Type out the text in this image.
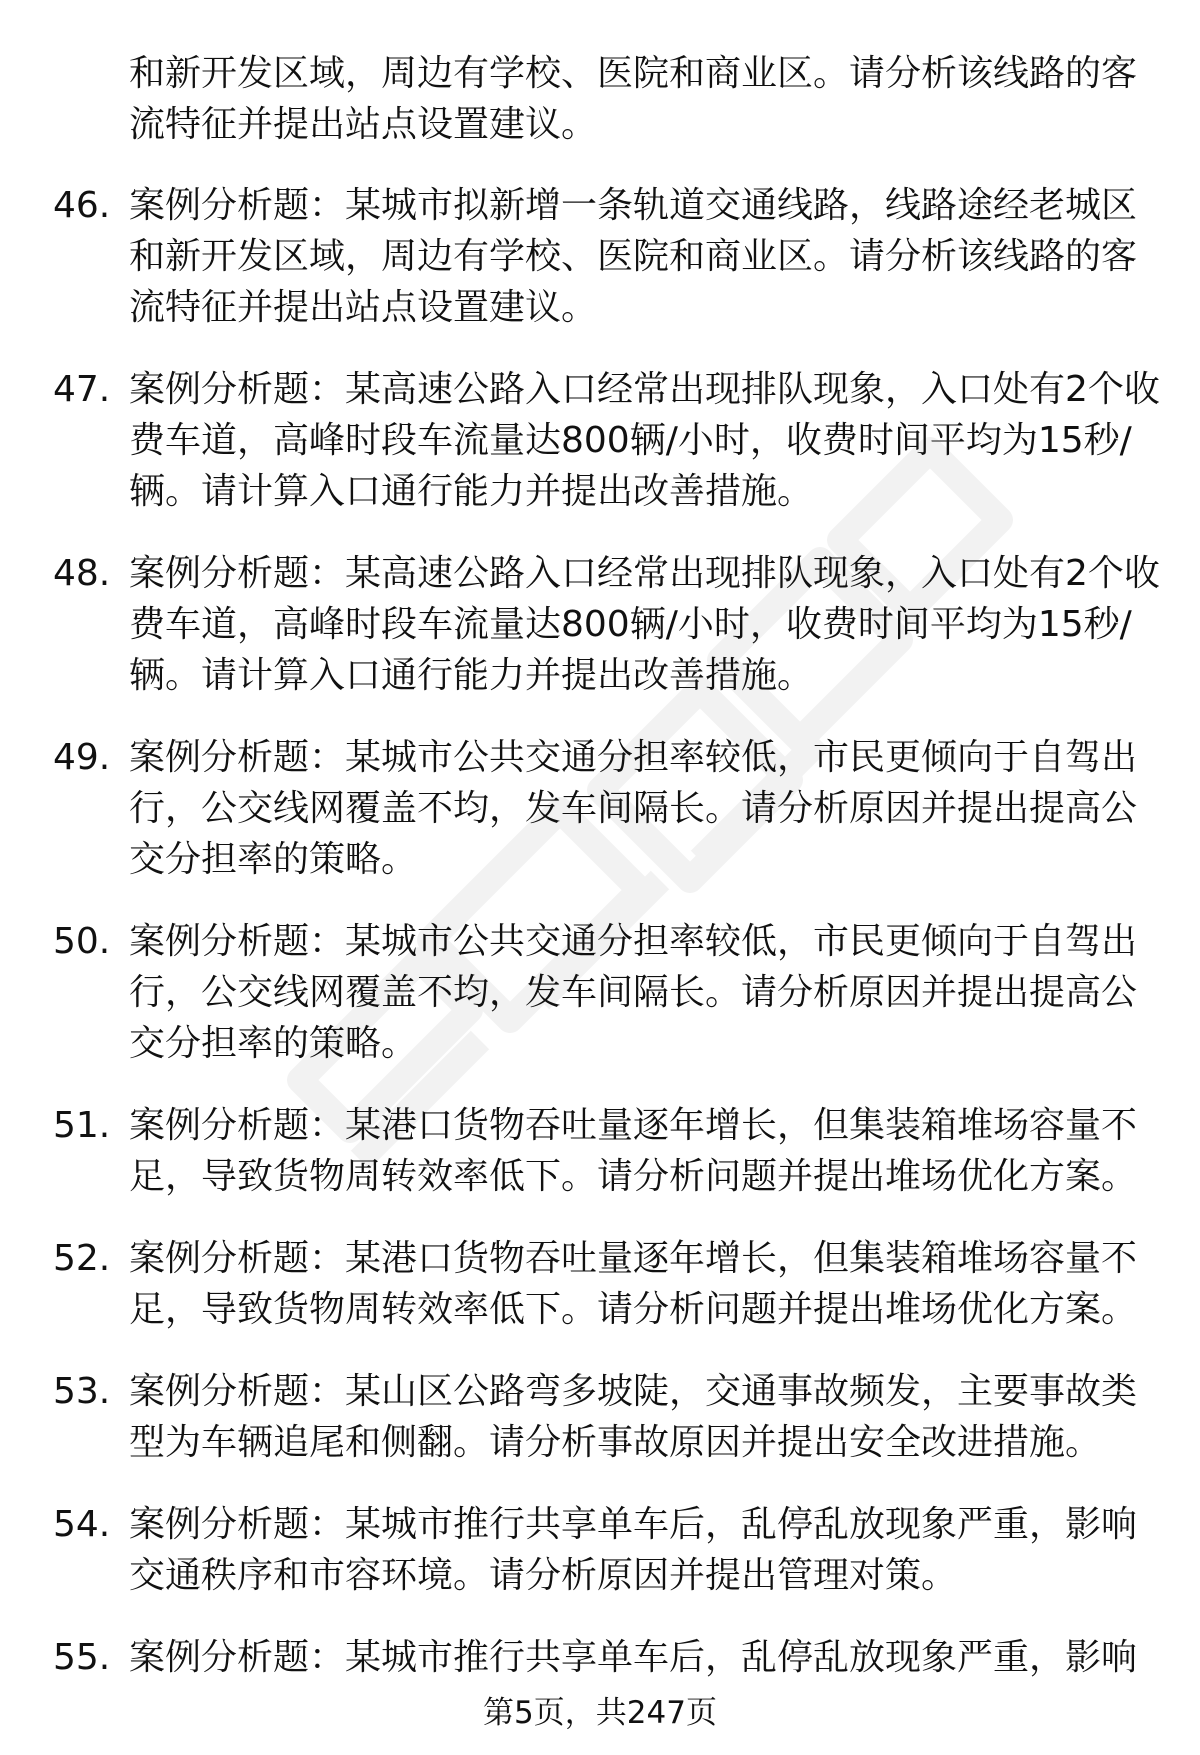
和新开发区域，周边有学校、医院和商业区。请分析该线路的客流特征并提出站点设置建议。
46. 案例分析题：某城市拟新增一条轨道交通线路，线路途经老城区和新开发区域，周边有学校、医院和商业区。请分析该线路的客流特征并提出站点设置建议。
47. 案例分析题：某高速公路入口经常出现排队现象，入口处有2个收费车道，高峰时段车流量达800辆/小时，收费时间平均为15秒/辆。请计算入口通行能力并提出改善措施。
48. 案例分析题：某高速公路入口经常出现排队现象，入口处有2个收费车道，高峰时段车流量达800辆/小时，收费时间平均为15秒/辆。请计算入口通行能力并提出改善措施。
49. 案例分析题：某城市公共交通分担率较低，市民更倾向于自驾出行，公交线网覆盖不均，发车间隔长。请分析原因并提出提高公交分担率的策略。
50. 案例分析题：某城市公共交通分担率较低，市民更倾向于自驾出行，公交线网覆盖不均，发车间隔长。请分析原因并提出提高公交分担率的策略。
51. 案例分析题：某港口货物吞吐量逐年增长，但集装箱堆场容量不足，导致货物周转效率低下。请分析问题并提出堆场优化方案。
52. 案例分析题：某港口货物吞吐量逐年增长，但集装箱堆场容量不足，导致货物周转效率低下。请分析问题并提出堆场优化方案。
53. 案例分析题：某山区公路弯多坡陡，交通事故频发，主要事故类型为车辆追尾和侧翻。请分析事故原因并提出安全改进措施。
54. 案例分析题：某城市推行共享单车后，乱停乱放现象严重，影响交通秩序和市容环境。请分析原因并提出管理对策。
55. 案例分析题：某城市推行共享单车后，乱停乱放现象严重，影响
第5页，共247页
